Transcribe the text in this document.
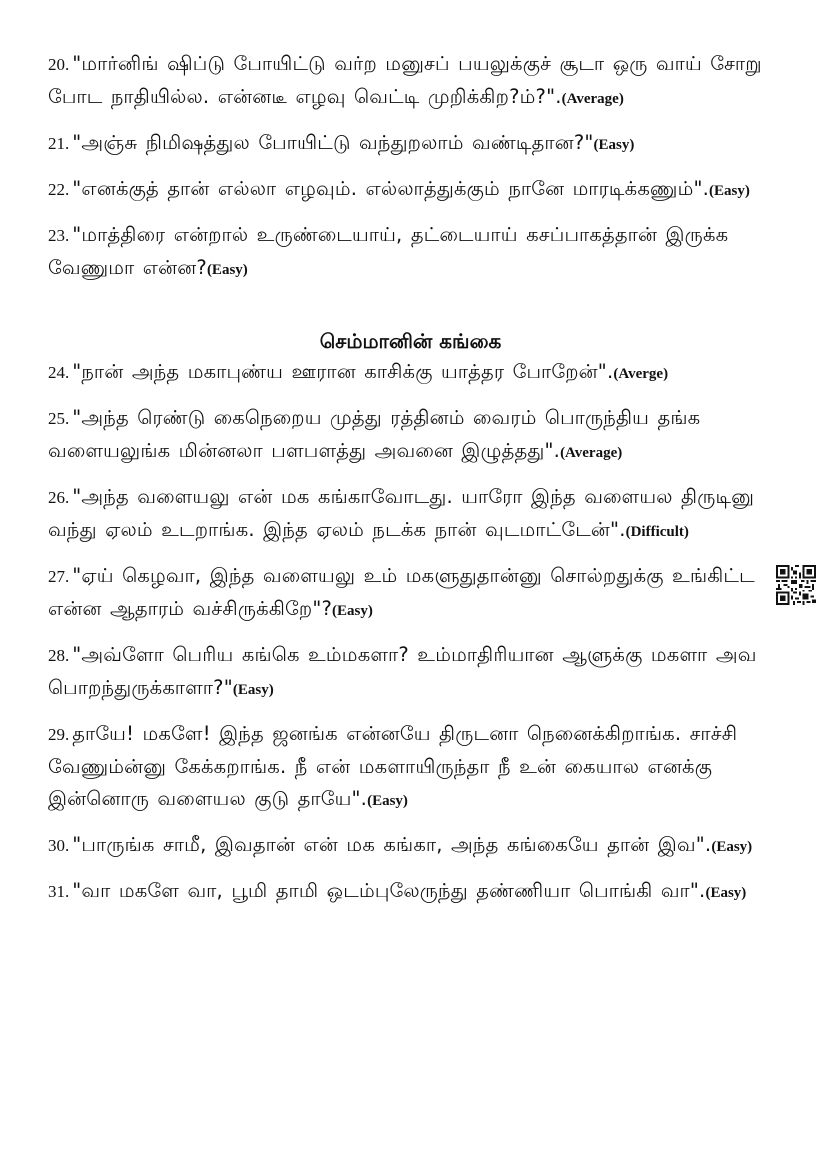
20. "மார்னிங் ஷிப்டு போயிட்டு வர்ற மனுசப் பயலுக்குச் சூடா ஒரு வாய் சோறு போட நாதியில்ல. என்னடீ எழவு வெட்டி முறிக்கிற?ம்?".(Average)
21. "அஞ்சு நிமிஷத்துல போயிட்டு வந்துறலாம் வண்டிதான?"(Easy)
22. "எனக்குத் தான் எல்லா எழவும். எல்லாத்துக்கும் நானே மாரடிக்கணும்".(Easy)
23. "மாத்திரை என்றால் உருண்டையாய், தட்டையாய் கசப்பாகத்தான் இருக்க வேணுமா என்ன?(Easy)
செம்மானின் கங்கை
24. "நான் அந்த மகாபுண்ய ஊரான காசிக்கு யாத்தர போறேன்".(Averge)
25. "அந்த ரெண்டு கைநெறைய முத்து ரத்தினம் வைரம் பொருந்திய தங்க வளையலுங்க மின்னலா பளபளத்து அவனை இழுத்தது".(Average)
26. "அந்த வளையலு என் மக கங்காவோடது. யாரோ இந்த வளையல திருடினு வந்து ஏலம் உடறாங்க. இந்த ஏலம் நடக்க நான் வுடமாட்டேன்".(Difficult)
27. "ஏய் கெழவா, இந்த வளையலு உம் மகளுதுதான்னு சொல்றதுக்கு உங்கிட்ட என்ன ஆதாரம் வச்சிருக்கிறே"?(Easy)
28. "அவ்ளோ பெரிய கங்கெ உம்மகளா? உம்மாதிரியான ஆளுக்கு மகளா அவ பொறந்துருக்காளா?"(Easy)
29. தாயே! மகளே! இந்த ஜனங்க என்னயே திருடனா நெனைக்கிறாங்க. சாச்சி வேணும்ன்னு கேக்கறாங்க. நீ என் மகளாயிருந்தா நீ உன் கையால எனக்கு இன்னொரு வளையல குடு தாயே".(Easy)
30. "பாருங்க சாமீ, இவதான் என் மக கங்கா, அந்த கங்கையே தான் இவ".(Easy)
31. "வா மகளே வா, பூமி தாமி ஒடம்புலேருந்து தண்ணியா பொங்கி வா".(Easy)
